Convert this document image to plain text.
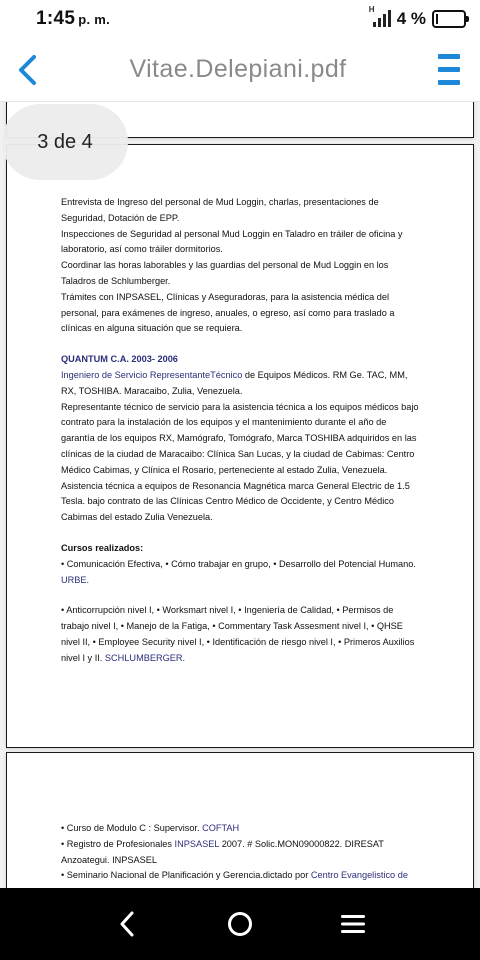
1:45 p. m.
H 4 %
Vitae.Delepiani.pdf

Entrevista de Ingreso del personal de Mud Loggin, charlas, presentaciones de Seguridad, Dotación de EPP.

Inspecciones de Seguridad al personal Mud Loggin en Taladro en tráiler de oficina y laboratorio, así como tráiler dormitorios.

Coordinar las horas laborables y las guardias del personal de Mud Loggin en los Taladros de Schlumberger.

Trámites con INPSASEL, Clínicas y Aseguradoras, para la asistencia médica del personal, para exámenes de ingreso, anuales, o egreso, así como para traslado a clínicas en alguna situación que se requiera.

QUANTUM C.A. 2003- 2006

Ingeniero de Servicio RepresentanteTécnico de Equipos Médicos. RM Ge. TAC, MM, RX, TOSHIBA. Maracaibo, Zulia, Venezuela.

Representante técnico de servicio para la asistencia técnica a los equipos médicos bajo contrato para la instalación de los equipos y el mantenimiento durante el año de garantía de los equipos RX, Mamógrafo, Tomógrafo, Marca TOSHIBA adquiridos en las clínicas de la ciudad de Maracaibo: Clínica San Lucas, y la ciudad de Cabimas: Centro Médico Cabimas, y Clínica el Rosario, perteneciente al estado Zulia, Venezuela.

Asistencia técnica a equipos de Resonancia Magnética marca General Electric de 1.5 Tesla. bajo contrato de las Clínicas Centro Médico de Occidente, y Centro Médico Cabimas del estado Zulia Venezuela.

Cursos realizados:

• Comunicación Efectiva, • Cómo trabajar en grupo, • Desarrollo del Potencial Humano. URBE.

• Anticorrupción nivel I, • Worksmart nivel I, • Ingeniería de Calidad, • Permisos de trabajo nivel I, • Manejo de la Fatiga, • Commentary Task Assesment nivel I, • QHSE nivel II, • Employee Security nivel I, • Identificación de riesgo nivel I, • Primeros Auxilios nivel I y II. SCHLUMBERGER.

• Curso de Modulo C : Supervisor. COFTAH

• Registro de Profesionales INPSASEL 2007. # Solic.MON09000822. DIRESAT Anzoategui. INPSASEL

• Seminario Nacional de Planificación y Gerencia.dictado por Centro Evangelistico de

3 de 4
